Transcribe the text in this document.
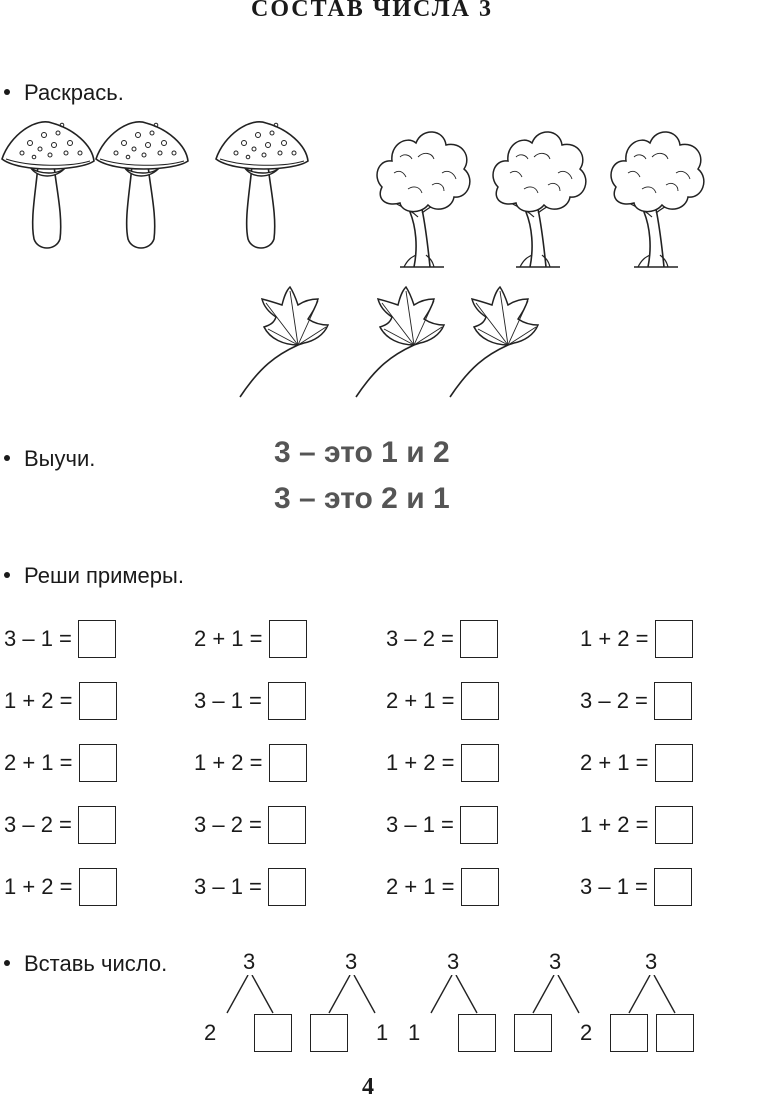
СОСТАВ ЧИСЛА 3
Раскрась.
Выучи.	3 – это 1 и 2
3 – это 2 и 1
Реши примеры.
3 – 1 =	2 + 1 =	3 – 2 =	1 + 2 =
1 + 2 =	3 – 1 =	2 + 1 =	3 – 2 =
2 + 1 =	1 + 2 =	1 + 2 =	2 + 1 =
3 – 2 =	3 – 2 =	3 – 1 =	1 + 2 =
1 + 2 =	3 – 1 =	2 + 1 =	3 – 1 =
Вставь число.	3
2
3
1
3
1
3
2
3
4
